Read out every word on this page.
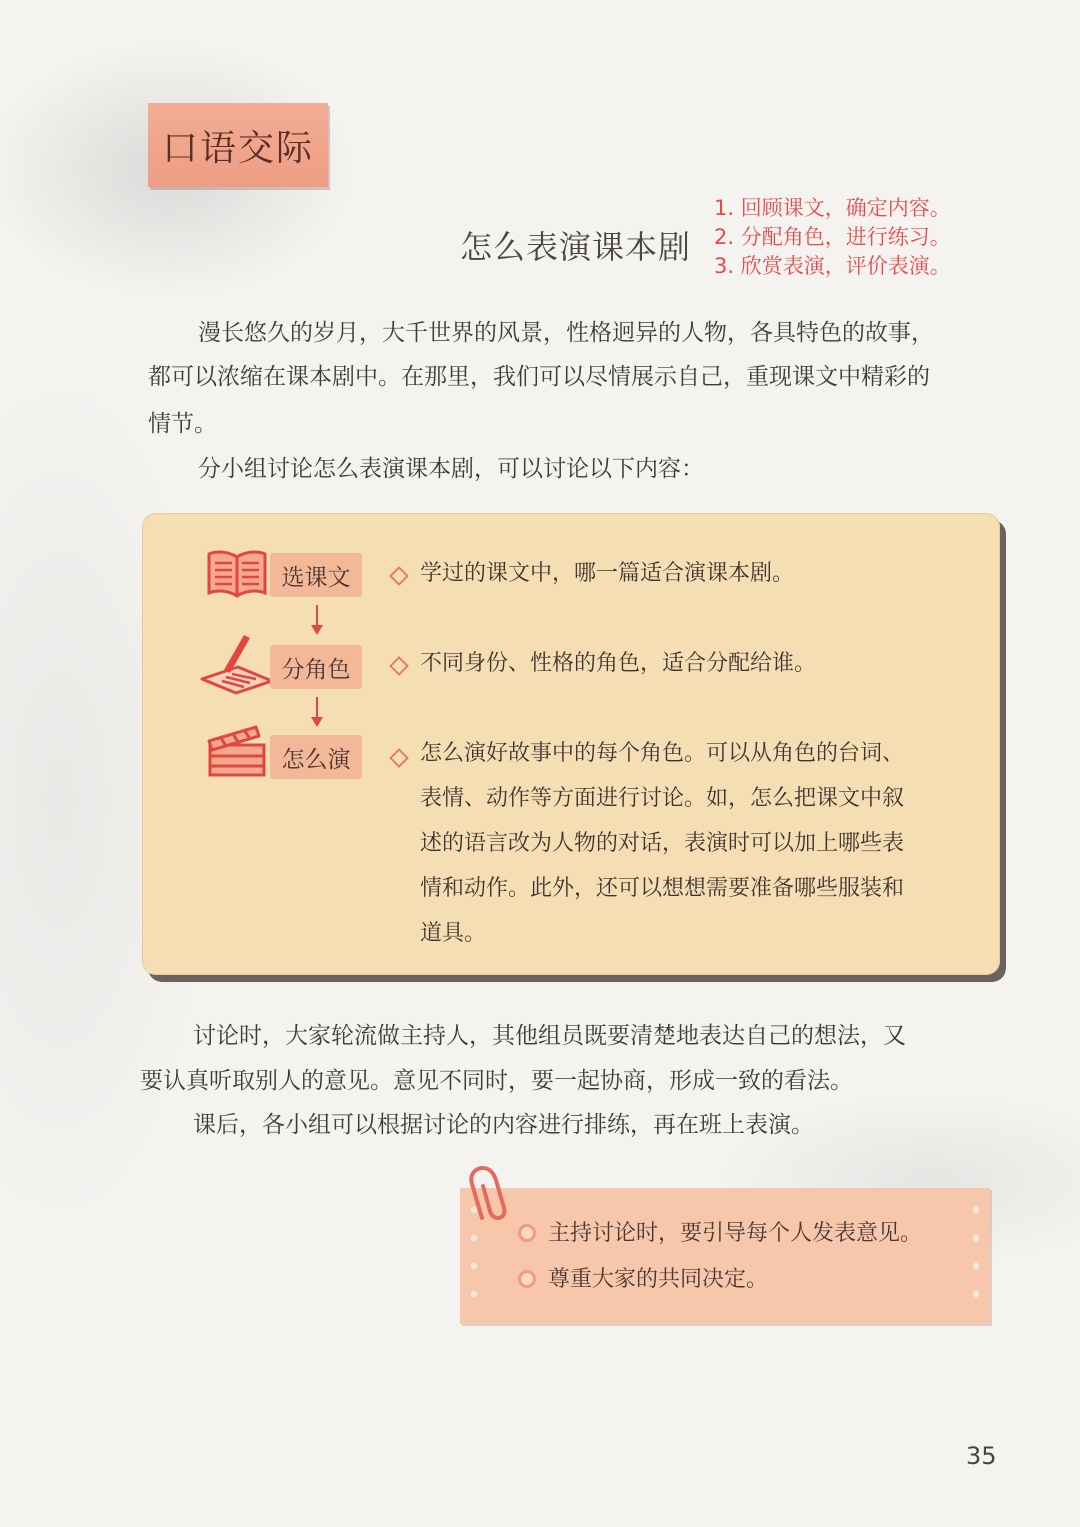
口语交际
怎么表演课本剧
1. 回顾课文，确定内容。
2. 分配角色，进行练习。
3. 欣赏表演，评价表演。

漫长悠久的岁月，大千世界的风景，性格迥异的人物，各具特色的故事，

都可以浓缩在课本剧中。在那里，我们可以尽情展示自己，重现课文中精彩的

情节。

分小组讨论怎么表演课本剧，可以讨论以下内容：

选课文	学过的课文中，哪一篇适合演课本剧。

分角色	不同身份、性格的角色，适合分配给谁。

怎么演	怎么演好故事中的每个角色。可以从角色的台词、

表情、动作等方面进行讨论。如，怎么把课文中叙

述的语言改为人物的对话，表演时可以加上哪些表

情和动作。此外，还可以想想需要准备哪些服装和

道具。

讨论时，大家轮流做主持人，其他组员既要清楚地表达自己的想法，又

要认真听取别人的意见。意见不同时，要一起协商，形成一致的看法。

课后，各小组可以根据讨论的内容进行排练，再在班上表演。

主持讨论时，要引导每个人发表意见。
尊重大家的共同决定。
35
